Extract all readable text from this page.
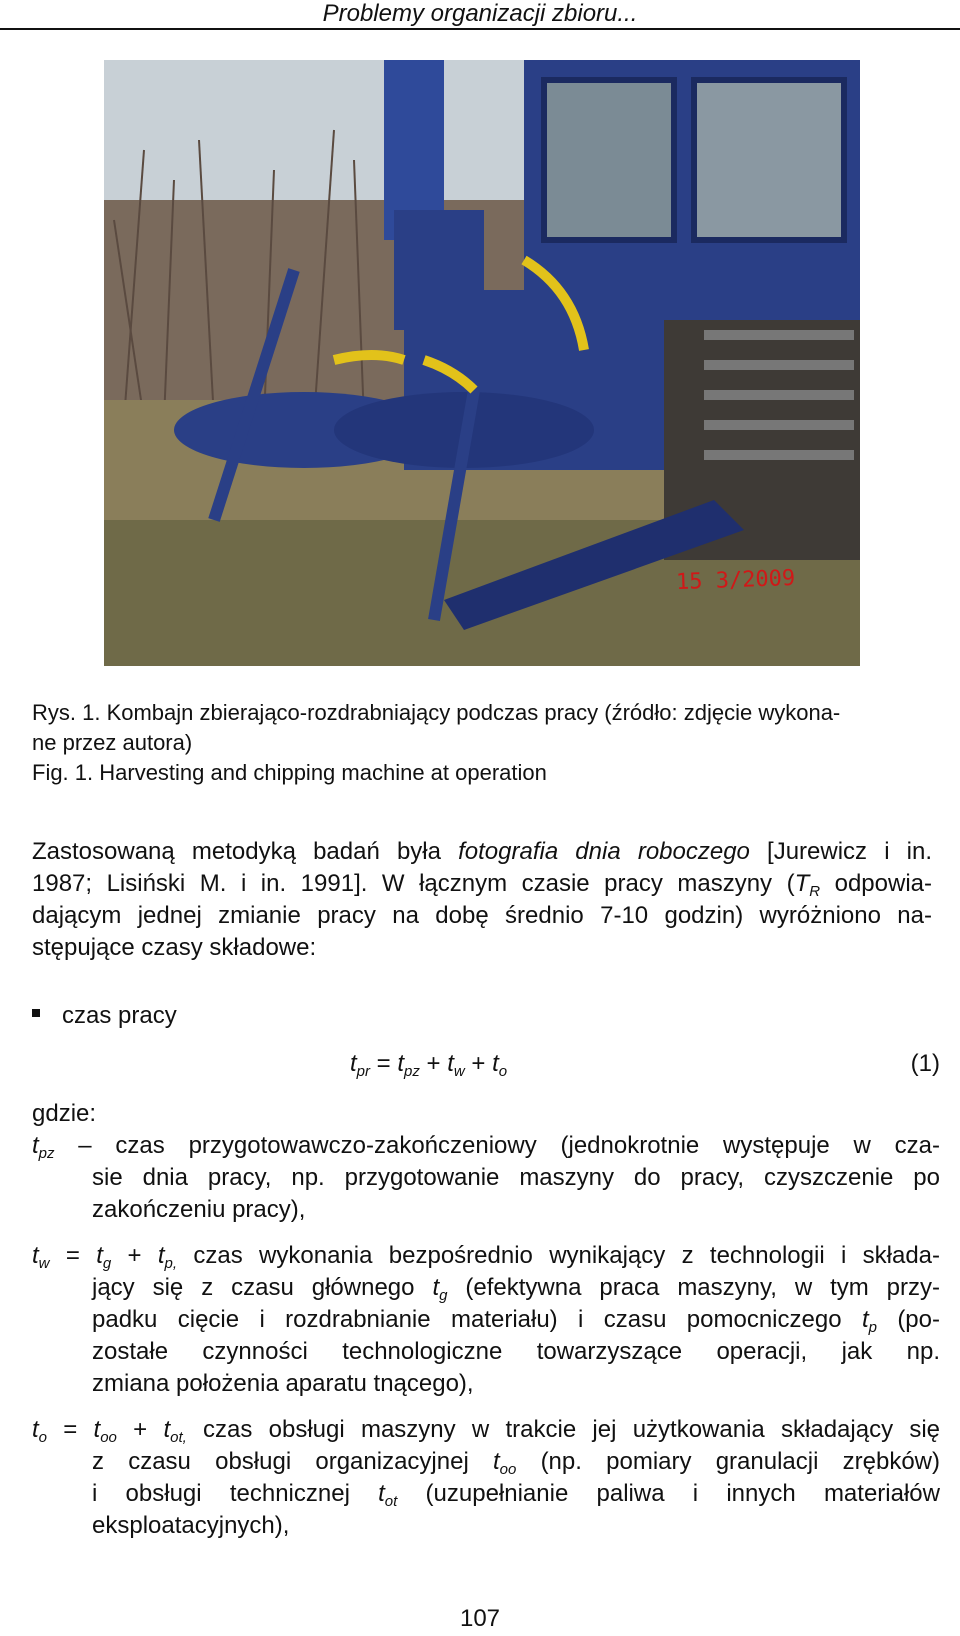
Problemy organizacji zbioru...
15 3/2009
Rys. 1. Kombajn zbierająco-rozdrabniający podczas pracy (źródło: zdjęcie wykona-
ne przez autora)
Fig. 1. Harvesting and chipping machine at operation
Zastosowaną metodyką badań była fotografia dnia roboczego [Jurewicz i in.
1987; Lisiński M. i in. 1991]. W łącznym czasie pracy maszyny ($T_R$ odpowia-
dającym jednej zmianie pracy na dobę średnio 7-10 godzin) wyróżniono na-
stępujące czasy składowe:
czas pracy
$t_{pr} = t_{pz} + t_w + t_o$	(1)
gdzie:
$t_{pz}$ – czas przygotowawczo-zakończeniowy (jednokrotnie występuje w cza-
sie dnia pracy, np. przygotowanie maszyny do pracy, czyszczenie po
zakończeniu pracy),
$t_w = t_g + t_{p,}$ czas wykonania bezpośrednio wynikający z technologii i składa-
jący się z czasu głównego $t_g$ (efektywna praca maszyny, w tym przy-
padku cięcie i rozdrabnianie materiału) i czasu pomocniczego $t_p$ (po-
zostałe czynności technologiczne towarzyszące operacji, jak np.
zmiana położenia aparatu tnącego),
$t_o = t_{oo} + t_{ot,}$ czas obsługi maszyny w trakcie jej użytkowania składający się
z czasu obsługi organizacyjnej $t_{oo}$ (np. pomiary granulacji zrębków)
i obsługi technicznej $t_{ot}$ (uzupełnianie paliwa i innych materiałów
eksploatacyjnych),
107
